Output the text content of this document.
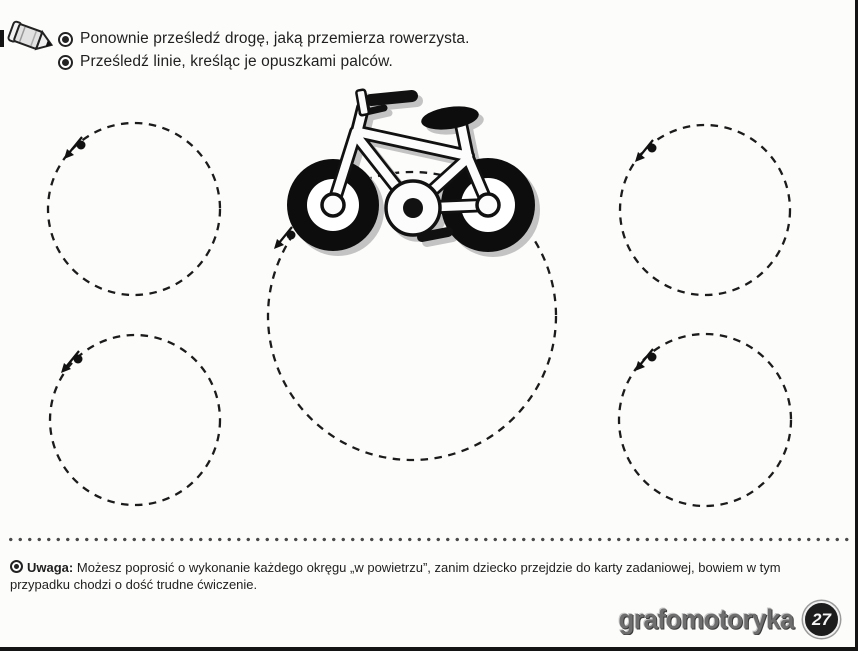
Ponownie prześledź drogę, jaką przemierza rowerzysta.
Prześledź linie, kreśląc je opuszkami palców.

Uwaga: Możesz poprosić o wykonanie każdego okręgu „w powietrzu”, zanim dziecko przejdzie do karty zadaniowej, bowiem w tym przypadku chodzi o dość trudne ćwiczenie.

grafomotoryka	27
